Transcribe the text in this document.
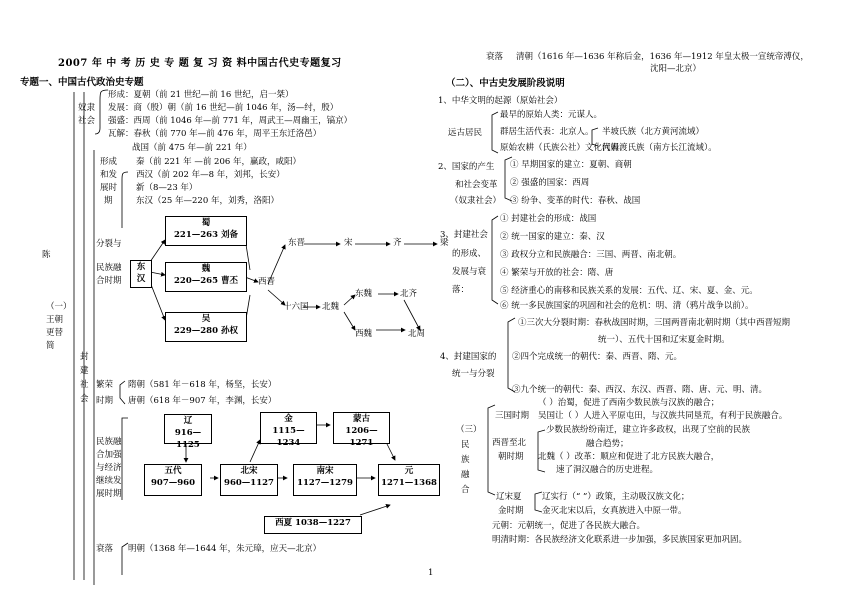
2007 年 中 考 历 史 专 题 复 习 资 料中国古代史专题复习
专题一、中国古代政治史专题
陈
（一）
王朝
更替
简
奴隶
社会
形成：夏朝（前 21 世纪—前 16 世纪，启一桀）
发展：商（殷）朝（前 16 世纪—前 1046 年，汤—纣，殷）
强盛：西周（前 1046 年—前 771 年，周武王—周幽王，镐京）
瓦解：春秋（前 770 年—前 476 年，周平王东迁洛邑）
封
建
社
会
形成
和发
展时
期
战国（前 475 年—前 221 年）
秦（前 221 年 —前 206 年，赢政，咸阳）
西汉（前 202 年—8 年，刘邦，长安）
新（8—23 年）
东汉（25 年—220 年，刘秀，洛阳）
分裂与
民族融
合时期
东
汉
蜀
221—263 刘备
魏
220—265 曹丕
吴
229—280 孙权
西晋
东晋	宋	齐	梁
十六国 北魏
东魏	北齐
西魏	北周
繁荣
时期
隋朝（581 年－618 年，杨坚，长安）
唐朝（618 年－907 年，李渊，长安）
民族融
合加强
与经济
继续发
展时期
辽
916—1125
金
1115—1234
蒙古
1206—1271
五代
907—960
北宋
960—1127
南宋
1127—1279
元
1271—1368
西夏 1038—1227
衰落 明朝（1368 年—1644 年，朱元璋，应天—北京）
1
衰落 清朝（1616 年—1636 年称后金，1636 年—1912 年皇太极一宣统帝溥仪，
沈阳—北京）
（二）、中古史发展阶段说明
1、中华文明的起源（原始社会）
远古居民
最早的原始人类：元谋人。
群居生活代表：北京人。
原始农耕（氏族公社）文化代表
半坡氏族（北方黄河流域）
河姆渡氏族（南方长江流域）。
2、国家的产生
和社会变革
（奴隶社会）
① 早期国家的建立：夏朝、商朝
② 强盛的国家：西周
③ 纷争、变革的时代：春秋、战国
3、封建社会
的形成、
发展与衰
落：
① 封建社会的形成：战国
② 统一国家的建立：秦、汉
③ 政权分立和民族融合：三国、两晋、南北朝。
④ 繁荣与开放的社会：隋、唐
⑤ 经济重心的南移和民族关系的发展：五代、辽、宋、夏、金、元。
⑥ 统一多民族国家的巩固和社会的危机：明、清（鸦片战争以前）。
4、封建国家的
统一与分裂
①三次大分裂时期：春秋战国时期，三国两晋南北朝时期（其中西晋短期
统一）、五代十国和辽宋夏金时期。
②四个完成统一的朝代：秦、西晋、隋、元。
③九个统一的朝代：秦、西汉、东汉、西晋、隋、唐、元、明、清。
（三）
民
族
融
合
三国时期
（ ）治蜀，促进了西南少数民族与汉族的融合；
吴国让（ ）人进入平原屯田，与汉族共同垦荒，有利于民族融合。
西晋至北
朝时期
少数民族纷纷南迁，建立许多政权，出现了空前的民族
融合趋势；
北魏（ ）改革：顺应和促进了北方民族大融合，
速了洞汉融合的历史进程。
辽宋夏
金时期
辽实行（“ ”）政策，主动吸汉族文化；
金灭北宋以后，女真族进入中原一带。
元朝：元朝统一，促进了各民族大融合。
明清时期：各民族经济文化联系进一步加强，多民族国家更加巩固。
